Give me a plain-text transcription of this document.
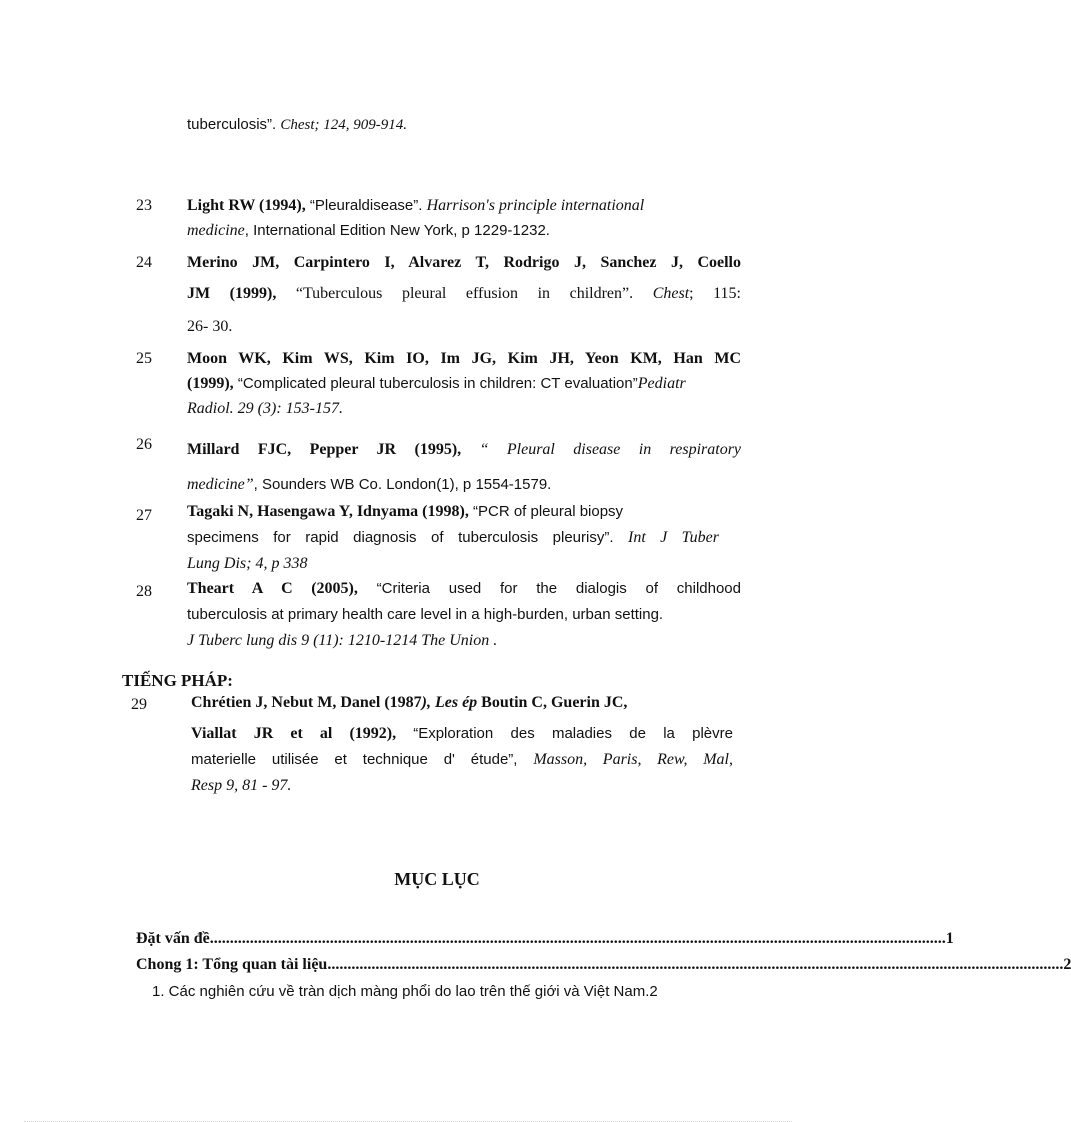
tuberculosis”. Chest; 124, 909-914.
23 Light RW (1994), “Pleuraldisease”. Harrison's principle international
medicine, International Edition New York, p 1229-1232.
24 Merino JM, Carpintero I, Alvarez T, Rodrigo J, Sanchez J, Coello
JM (1999), “Tuberculous pleural effusion in children”. Chest; 115:
26- 30.
25 Moon WK, Kim WS, Kim IO, Im JG, Kim JH, Yeon KM, Han MC
(1999), “Complicated pleural tuberculosis in children: CT evaluation”Pediatr
Radiol. 29 (3): 153-157.
26 Millard FJC, Pepper JR (1995), “ Pleural disease in respiratory
medicine”, Sounders WB Co. London(1), p 1554-1579.
27 Tagaki N, Hasengawa Y, Idnyama (1998), “PCR of pleural biopsy
specimens for rapid diagnosis of tuberculosis pleurisy”. Int J Tuber
Lung Dis; 4, p 338
28 Theart A C (2005), “Criteria used for the dialogis of childhood
tuberculosis at primary health care level in a high-burden, urban setting.
J Tuberc lung dis 9 (11): 1210-1214 The Union .
TIẾNG PHÁP:
29	Chrétien J, Nebut M, Danel (1987), Les ép Boutin C, Guerin JC,
Viallat JR et al (1992), “Exploration des maladies de la plèvre
materielle utilisée et technique d' étude”, Masson, Paris, Rew, Mal,
Resp 9, 81 - 97.
MỤC LỤC
Đặt vấn đề ........................................................................................................................................................................................ 1
Chong 1: Tổng quan tài liệu ........................................................................................................................................................................................ 2
1. Các nghiên cứu về tràn dịch màng phổi do lao trên thế giới và Việt Nam.2
